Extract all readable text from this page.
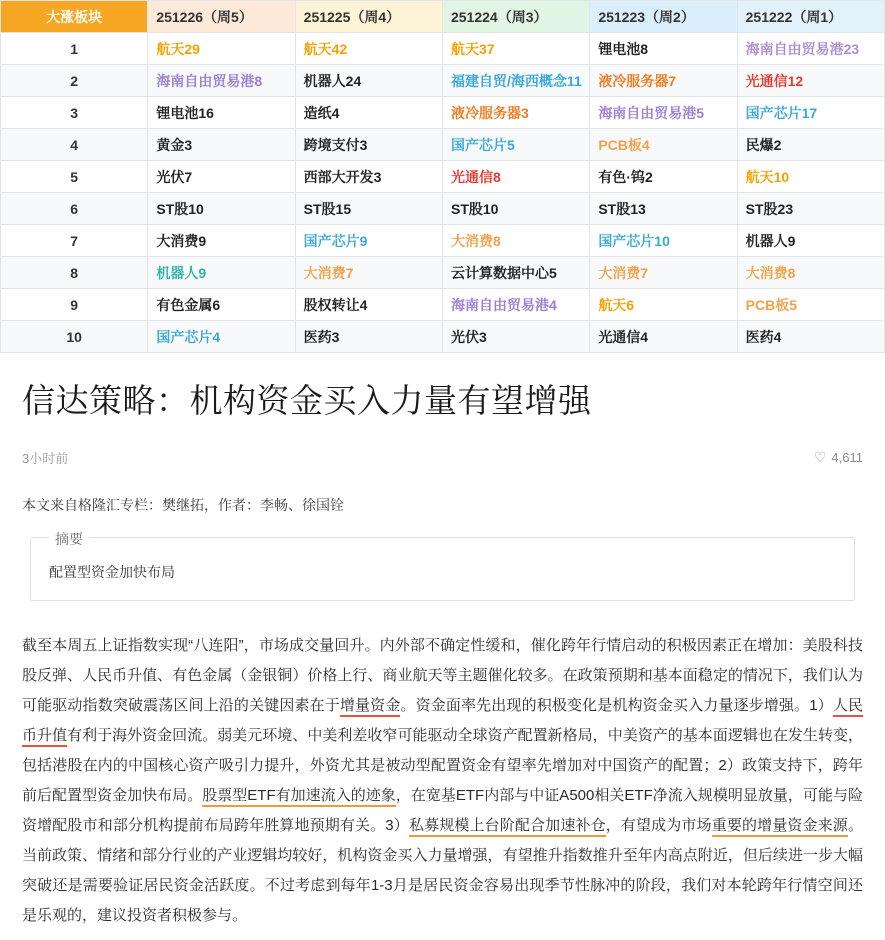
大涨板块	251226（周5）	251225（周4）	251224（周3）	251223（周2）	251222（周1）
1	航天29	航天42	航天37	锂电池8	海南自由贸易港23
2	海南自由贸易港8	机器人24	福建自贸/海西概念11	液冷服务器7	光通信12
3	锂电池16	造纸4	液冷服务器3	海南自由贸易港5	国产芯片17
4	黄金3	跨境支付3	国产芯片5	PCB板4	民爆2
5	光伏7	西部大开发3	光通信8	有色·钨2	航天10
6	ST股10	ST股15	ST股10	ST股13	ST股23
7	大消费9	国产芯片9	大消费8	国产芯片10	机器人9
8	机器人9	大消费7	云计算数据中心5	大消费7	大消费8
9	有色金属6	股权转让4	海南自由贸易港4	航天6	PCB板5
10	国产芯片4	医药3	光伏3	光通信4	医药4
信达策略：机构资金买入力量有望增强
3小时前	♡ 4,611
本文来自格隆汇专栏：樊继拓，作者：李畅、徐国铨
摘要
配置型资金加快布局

截至本周五上证指数实现“八连阳”，市场成交量回升。内外部不确定性缓和，催化跨年行情启动的积极因素正在增加：美股科技股反弹、人民币升值、有色金属（金银铜）价格上行、商业航天等主题催化较多。在政策预期和基本面稳定的情况下，我们认为可能驱动指数突破震荡区间上沿的关键因素在于增量资金。资金面率先出现的积极变化是机构资金买入力量逐步增强。1）人民币升值有利于海外资金回流。弱美元环境、中美利差收窄可能驱动全球资产配置新格局，中美资产的基本面逻辑也在发生转变，包括港股在内的中国核心资产吸引力提升，外资尤其是被动型配置资金有望率先增加对中国资产的配置；2）政策支持下，跨年前后配置型资金加快布局。股票型ETF有加速流入的迹象，在宽基ETF内部与中证A500相关ETF净流入规模明显放量，可能与险资增配股市和部分机构提前布局跨年胜算地预期有关。3）私募规模上台阶配合加速补仓，有望成为市场重要的增量资金来源。当前政策、情绪和部分行业的产业逻辑均较好，机构资金买入力量增强，有望推升指数推升至年内高点附近，但后续进一步大幅突破还是需要验证居民资金活跃度。不过考虑到每年1-3月是居民资金容易出现季节性脉冲的阶段，我们对本轮跨年行情空间还是乐观的，建议投资者积极参与。
